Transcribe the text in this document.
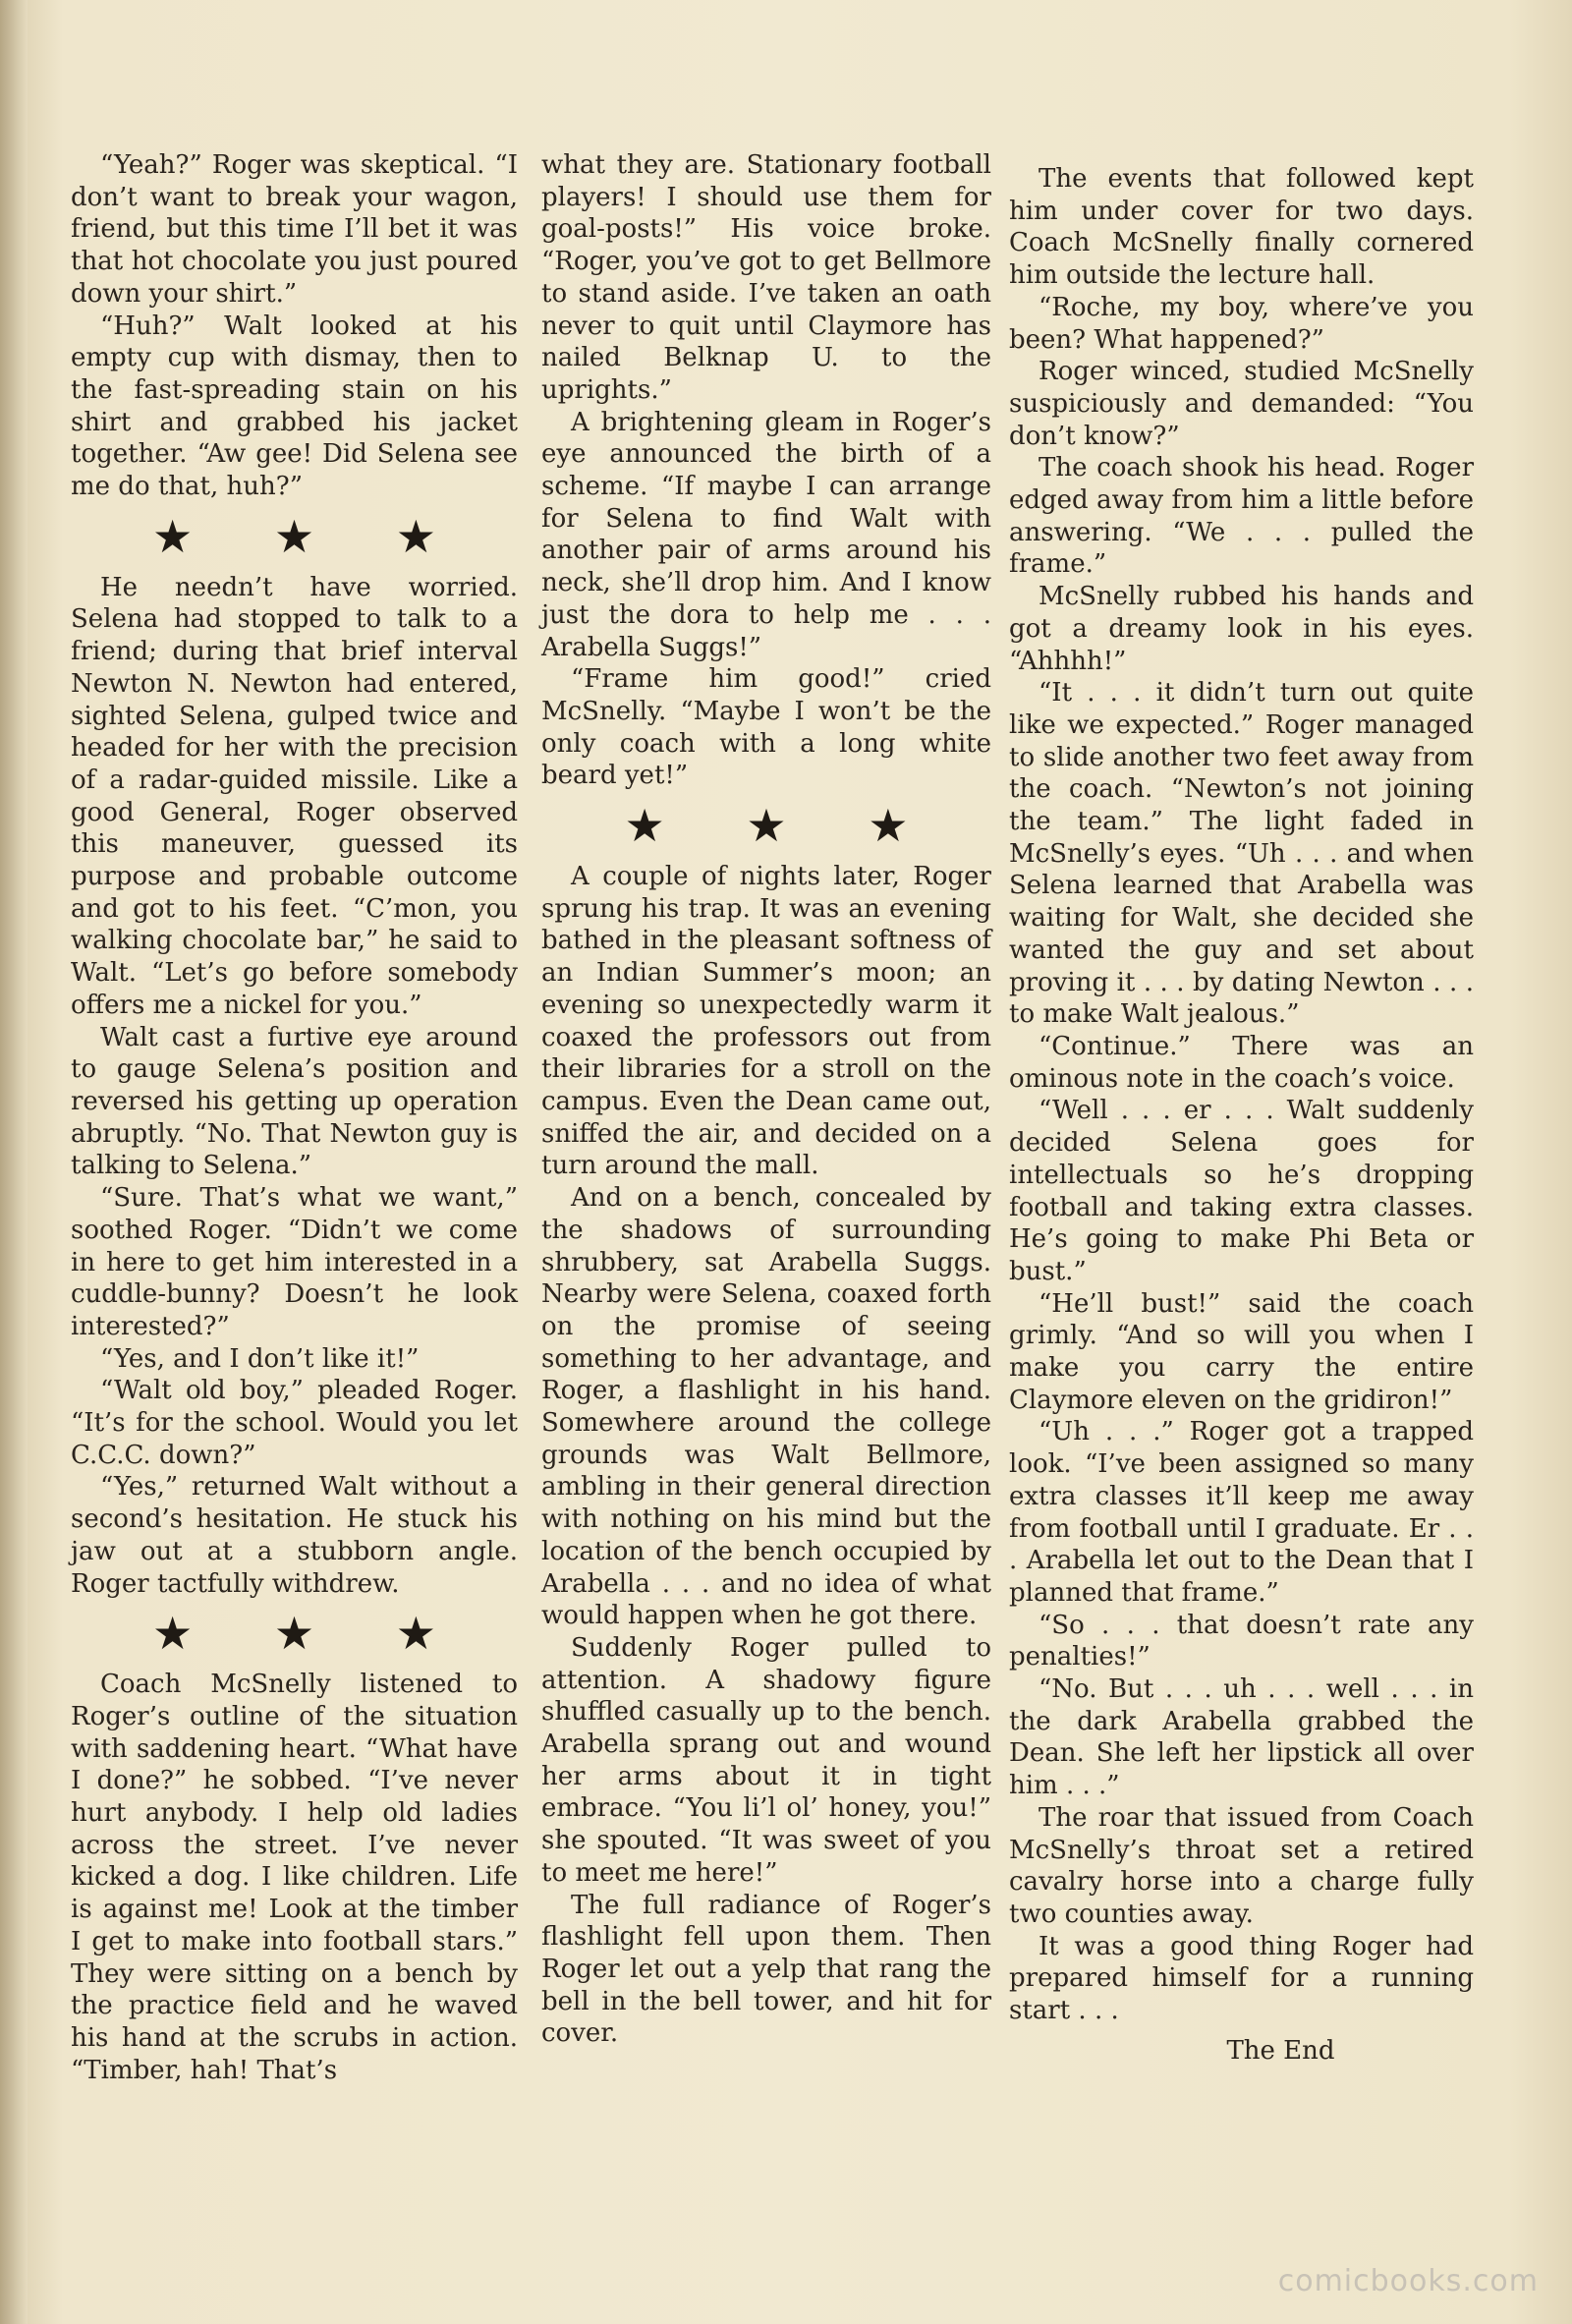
“Yeah?” Roger was skeptical. “I don’t want to break your wagon, friend, but this time I’ll bet it was that hot chocolate you just poured down your shirt.”

“Huh?” Walt looked at his empty cup with dismay, then to the fast-spreading stain on his shirt and grabbed his jacket together. “Aw gee! Did Selena see me do that, huh?”

★ ★ ★

He needn’t have worried. Selena had stopped to talk to a friend; during that brief interval Newton N. Newton had entered, sighted Selena, gulped twice and headed for her with the precision of a radar-guided missile. Like a good General, Roger observed this maneuver, guessed its purpose and probable outcome and got to his feet. “C’mon, you walking chocolate bar,” he said to Walt. “Let’s go before somebody offers me a nickel for you.”

Walt cast a furtive eye around to gauge Selena’s position and reversed his getting up operation abruptly. “No. That Newton guy is talking to Selena.”

“Sure. That’s what we want,” soothed Roger. “Didn’t we come in here to get him interested in a cuddle-bunny? Doesn’t he look interested?”

“Yes, and I don’t like it!”

“Walt old boy,” pleaded Roger. “It’s for the school. Would you let C.C.C. down?”

“Yes,” returned Walt without a second’s hesitation. He stuck his jaw out at a stubborn angle. Roger tactfully withdrew.

★ ★ ★

Coach McSnelly listened to Roger’s outline of the situation with saddening heart. “What have I done?” he sobbed. “I’ve never hurt anybody. I help old ladies across the street. I’ve never kicked a dog. I like children. Life is against me! Look at the timber I get to make into football stars.” They were sitting on a bench by the practice field and he waved his hand at the scrubs in action. “Timber, hah! That’s

what they are. Stationary football players! I should use them for goal-posts!” His voice broke. “Roger, you’ve got to get Bellmore to stand aside. I’ve taken an oath never to quit until Claymore has nailed Belknap U. to the uprights.”

A brightening gleam in Roger’s eye announced the birth of a scheme. “If maybe I can arrange for Selena to find Walt with another pair of arms around his neck, she’ll drop him. And I know just the dora to help me . . . Arabella Suggs!”

“Frame him good!” cried McSnelly. “Maybe I won’t be the only coach with a long white beard yet!”

★ ★ ★

A couple of nights later, Roger sprung his trap. It was an evening bathed in the pleasant softness of an Indian Summer’s moon; an evening so unexpectedly warm it coaxed the professors out from their libraries for a stroll on the campus. Even the Dean came out, sniffed the air, and decided on a turn around the mall.

And on a bench, concealed by the shadows of surrounding shrubbery, sat Arabella Suggs. Nearby were Selena, coaxed forth on the promise of seeing something to her advantage, and Roger, a flashlight in his hand. Somewhere around the college grounds was Walt Bellmore, ambling in their general direction with nothing on his mind but the location of the bench occupied by Arabella . . . and no idea of what would happen when he got there.

Suddenly Roger pulled to attention. A shadowy figure shuffled casually up to the bench. Arabella sprang out and wound her arms about it in tight embrace. “You li’l ol’ honey, you!” she spouted. “It was sweet of you to meet me here!”

The full radiance of Roger’s flashlight fell upon them. Then Roger let out a yelp that rang the bell in the bell tower, and hit for cover.

The events that followed kept him under cover for two days. Coach McSnelly finally cornered him outside the lecture hall.

“Roche, my boy, where’ve you been? What happened?”

Roger winced, studied McSnelly suspiciously and demanded: “You don’t know?”

The coach shook his head. Roger edged away from him a little before answering. “We . . . pulled the frame.”

McSnelly rubbed his hands and got a dreamy look in his eyes. “Ahhhh!”

“It . . . it didn’t turn out quite like we expected.” Roger managed to slide another two feet away from the coach. “Newton’s not joining the team.” The light faded in McSnelly’s eyes. “Uh . . . and when Selena learned that Arabella was waiting for Walt, she decided she wanted the guy and set about proving it . . . by dating Newton . . . to make Walt jealous.”

“Continue.” There was an ominous note in the coach’s voice.

“Well . . . er . . . Walt suddenly decided Selena goes for intellectuals so he’s dropping football and taking extra classes. He’s going to make Phi Beta or bust.”

“He’ll bust!” said the coach grimly. “And so will you when I make you carry the entire Claymore eleven on the gridiron!”

“Uh . . .” Roger got a trapped look. “I’ve been assigned so many extra classes it’ll keep me away from football until I graduate. Er . . . Arabella let out to the Dean that I planned that frame.”

“So . . . that doesn’t rate any penalties!”

“No. But . . . uh . . . well . . . in the dark Arabella grabbed the Dean. She left her lipstick all over him . . .”

The roar that issued from Coach McSnelly’s throat set a retired cavalry horse into a charge fully two counties away.

It was a good thing Roger had prepared himself for a running start . . .

The End
comicbooks.com
